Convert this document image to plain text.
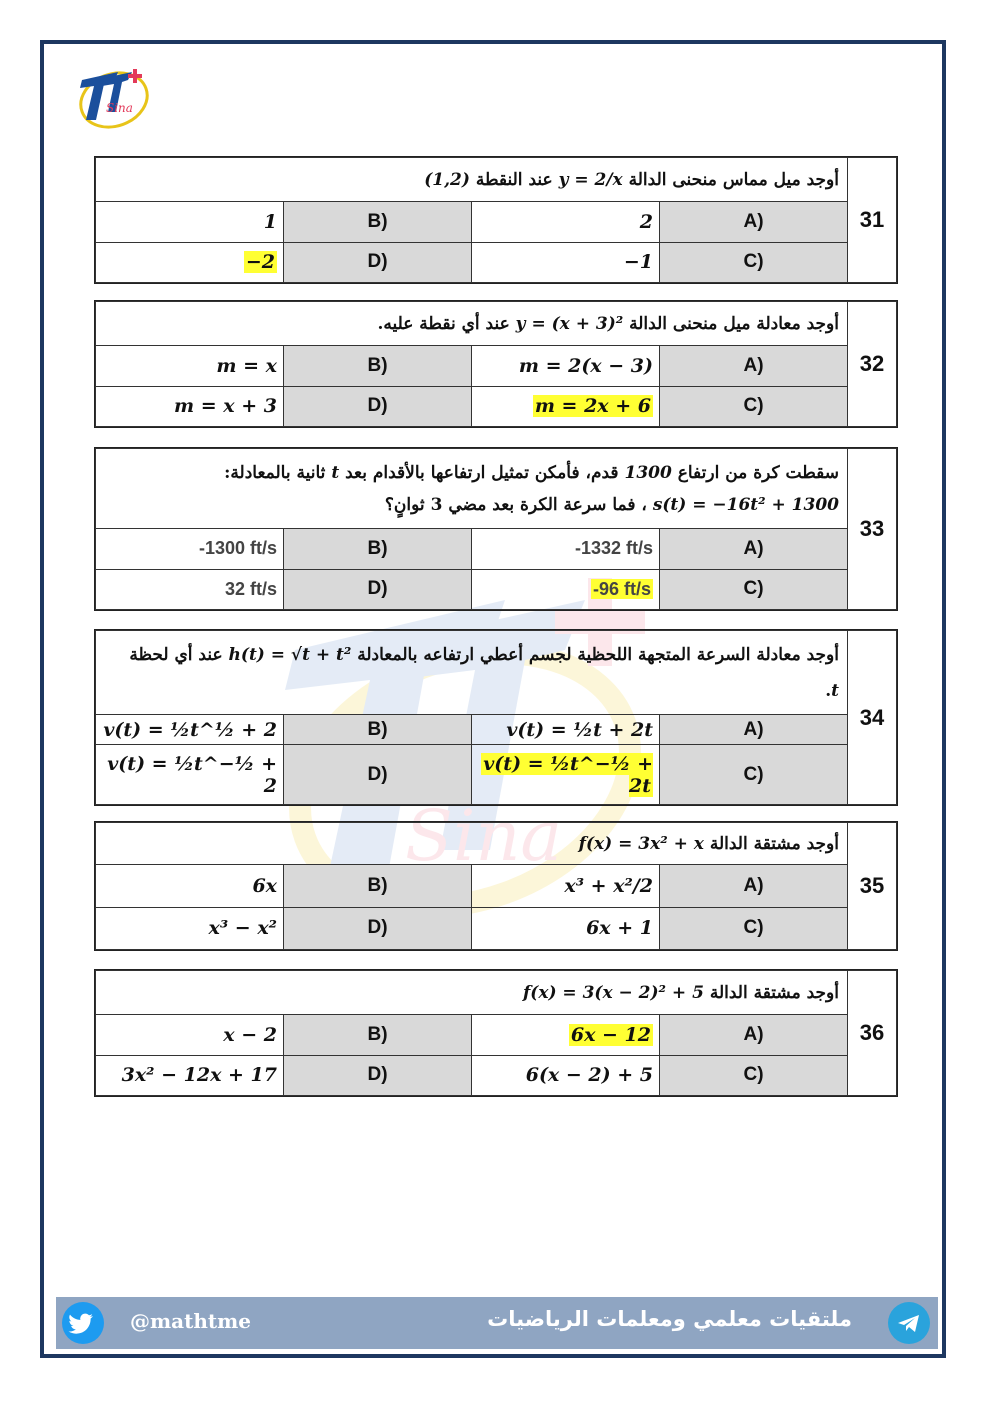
Sina
Sina
أوجد ميل مماس منحنى الدالة y = 2/x عند النقطة (1,2)				31
1	B)	2	A)	
−2	D)	−1	C)	
أوجد معادلة ميل منحنى الدالة y = (x + 3)² عند أي نقطة عليه.				32
m = x	B)	m = 2(x − 3)	A)	
m = x + 3	D)	m = 2x + 6	C)	
سقطت كرة من ارتفاع 1300 قدم، فأمكن تمثيل ارتفاعها بالأقدام بعد t ثانية بالمعادلة:
s(t) = −16t² + 1300 ، فما سرعة الكرة بعد مضي 3 ثوانٍ؟				33
-1300 ft/s	B)	-1332 ft/s	A)	
32 ft/s	D)	-96 ft/s	C)	
أوجد معادلة السرعة المتجهة اللحظية لجسم أعطي ارتفاعه بالمعادلة h(t) = √t + t² عند أي لحظة
t.				34
v(t) = ½t^½ + 2	B)	v(t) = ½t + 2t	A)	
v(t) = ½t^−½ + 2	D)	v(t) = ½t^−½ + 2t	C)	
أوجد مشتقة الدالة f(x) = 3x² + x				35
6x	B)	x³ + x²/2	A)	
x³ − x²	D)	6x + 1	C)	
أوجد مشتقة الدالة f(x) = 3(x − 2)² + 5				36
x − 2	B)	6x − 12	A)	
3x² − 12x + 17	D)	6(x − 2) + 5	C)	
@mathtme	ملتقيات معلمي ومعلمات الرياضيات
